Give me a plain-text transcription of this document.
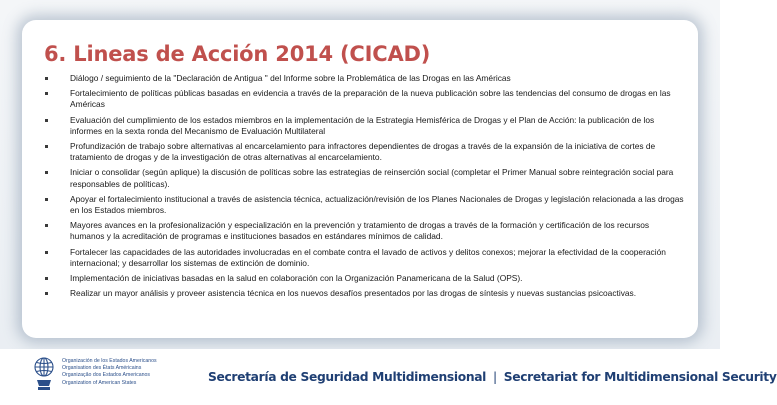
6. Lineas de Acción 2014 (CICAD)
Diálogo / seguimiento de la "Declaración de Antigua " del Informe sobre la Problemática de las Drogas en las Américas
Fortalecimiento de políticas públicas basadas en evidencia a través de la preparación de la nueva publicación sobre las tendencias del consumo de drogas en las Américas
Evaluación del cumplimiento de los estados miembros en la implementación de la Estrategia Hemisférica de Drogas y el Plan de Acción: la publicación de los informes en la sexta ronda del Mecanismo de Evaluación Multilateral
Profundización de trabajo sobre alternativas al encarcelamiento para infractores dependientes de drogas a través de la expansión de la iniciativa de cortes de tratamiento de drogas y de la investigación de otras alternativas al encarcelamiento.
Iniciar o consolidar (según aplique) la discusión de políticas sobre las estrategias de reinserción social (completar el Primer Manual sobre reintegración social para responsables de políticas).
Apoyar el fortalecimiento institucional a través de asistencia técnica, actualización/revisión de los Planes Nacionales de Drogas y legislación relacionada a las drogas en los Estados miembros.
Mayores avances en la profesionalización y especialización en la prevención y tratamiento de drogas a través de la formación y certificación de los recursos humanos y la acreditación de programas e instituciones basados en estándares mínimos de calidad.
Fortalecer las capacidades de las autoridades involucradas en el combate contra el lavado de activos y delitos conexos; mejorar la efectividad de la cooperación internacional; y desarrollar los sistemas de extinción de dominio.
Implementación de iniciativas basadas en la salud en colaboración con la Organización Panamericana de la Salud (OPS).
Realizar un mayor análisis y proveer asistencia técnica en los nuevos desafíos presentados por las drogas de síntesis y nuevas sustancias psicoactivas.
Organización de los Estados Americanos
Organisation des États Américains
Organização dos Estados Americanos
Organization of American States	Secretaría de Seguridad Multidimensional | Secretariat for Multidimensional Security
